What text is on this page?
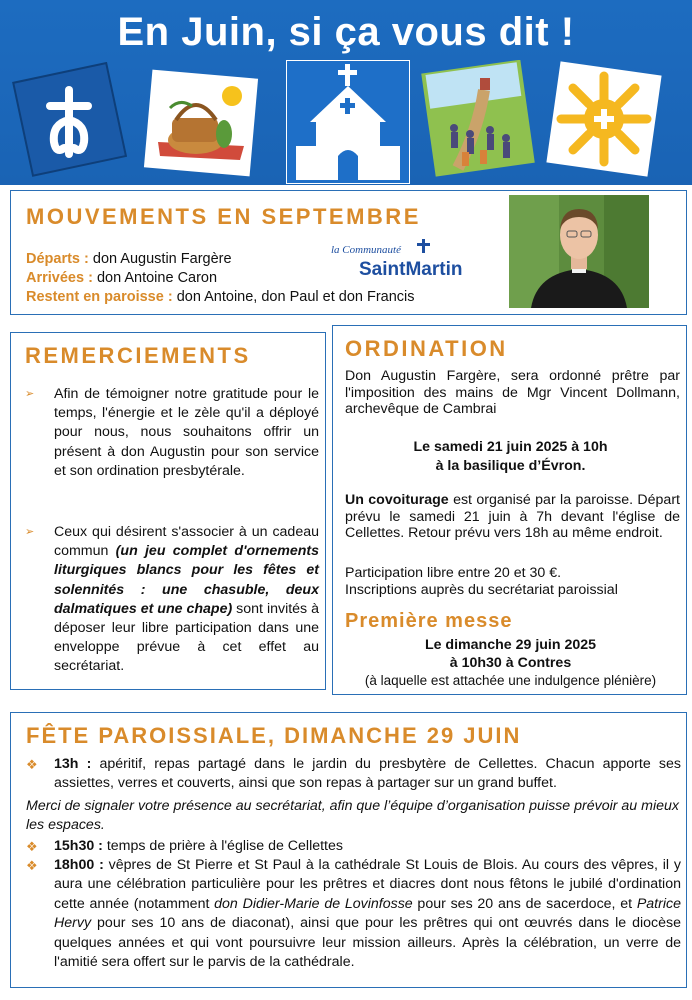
En Juin, si ça vous dit !
MOUVEMENTS EN SEPTEMBRE
Départs : don Augustin Fargère
Arrivées : don Antoine Caron
Restent en paroisse : don Antoine, don Paul et don Francis
la Communauté
SaintMartin
REMERCIEMENTS
➢ Afin de témoigner notre gratitude pour le temps, l'énergie et le zèle qu'il a déployé pour nous, nous souhaitons offrir un présent à don Augustin pour son service et son ordination presbytérale.
➢ Ceux qui désirent s'associer à un cadeau commun (un jeu complet d'ornements liturgiques blancs pour les fêtes et solennités : une chasuble, deux dalmatiques et une chape) sont invités à déposer leur libre participation dans une enveloppe prévue à cet effet au secrétariat.
ORDINATION
Don Augustin Fargère, sera ordonné prêtre par l'imposition des mains de Mgr Vincent Dollmann, archevêque de Cambrai
Le samedi 21 juin 2025 à 10h
à la basilique d’Évron.
Un covoiturage est organisé par la paroisse. Départ prévu le samedi 21 juin à 7h devant l'église de Cellettes. Retour prévu vers 18h au même endroit.
Participation libre entre 20 et 30 €.
Inscriptions auprès du secrétariat paroissial
Première messe
Le dimanche 29 juin 2025
à 10h30 à Contres
(à laquelle est attachée une indulgence plénière)
FÊTE PAROISSIALE, DIMANCHE 29 JUIN
❖ 13h : apéritif, repas partagé dans le jardin du presbytère de Cellettes. Chacun apporte ses assiettes, verres et couverts, ainsi que son repas à partager sur un grand buffet.
Merci de signaler votre présence au secrétariat, afin que l’équipe d’organisation puisse prévoir au mieux les espaces.
❖ 15h30 : temps de prière à l'église de Cellettes
❖ 18h00 : vêpres de St Pierre et St Paul à la cathédrale St Louis de Blois. Au cours des vêpres, il y aura une célébration particulière pour les prêtres et diacres dont nous fêtons le jubilé d'ordination cette année (notamment don Didier-Marie de Lovinfosse pour ses 20 ans de sacerdoce, et Patrice Hervy pour ses 10 ans de diaconat), ainsi que pour les prêtres qui ont œuvrés dans le diocèse quelques années et qui vont poursuivre leur mission ailleurs. Après la célébration, un verre de l'amitié sera offert sur le parvis de la cathédrale.
